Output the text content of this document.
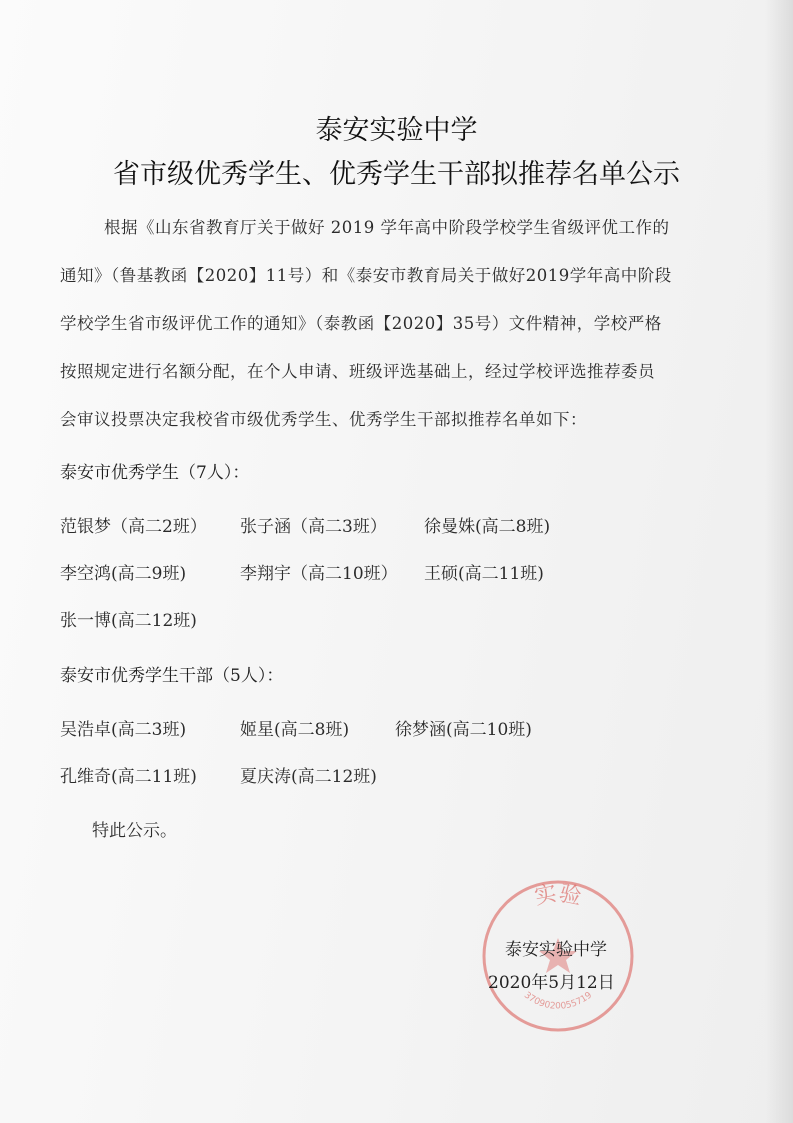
泰安实验中学
省市级优秀学生、优秀学生干部拟推荐名单公示
根据《山东省教育厅关于做好 2019 学年高中阶段学校学生省级评优工作的
通知》（鲁基教函【2020】11号）和《泰安市教育局关于做好2019学年高中阶段
学校学生省市级评优工作的通知》（泰教函【2020】35号）文件精神，学校严格
按照规定进行名额分配，在个人申请、班级评选基础上，经过学校评选推荐委员
会审议投票决定我校省市级优秀学生、优秀学生干部拟推荐名单如下：
泰安市优秀学生（7人）：
范银梦（高二2班） 张子涵（高二3班） 徐曼姝(高二8班)
李空鸿(高二9班)	李翔宇（高二10班） 王硕(高二11班)
张一博(高二12班)
泰安市优秀学生干部（5人）：
吴浩卓(高二3班)	姬星(高二8班)	徐梦涵(高二10班)
孔维奇(高二11班)	夏庆涛(高二12班)
特此公示。
实验
3709020055719
泰安实验中学
2020年5月12日
